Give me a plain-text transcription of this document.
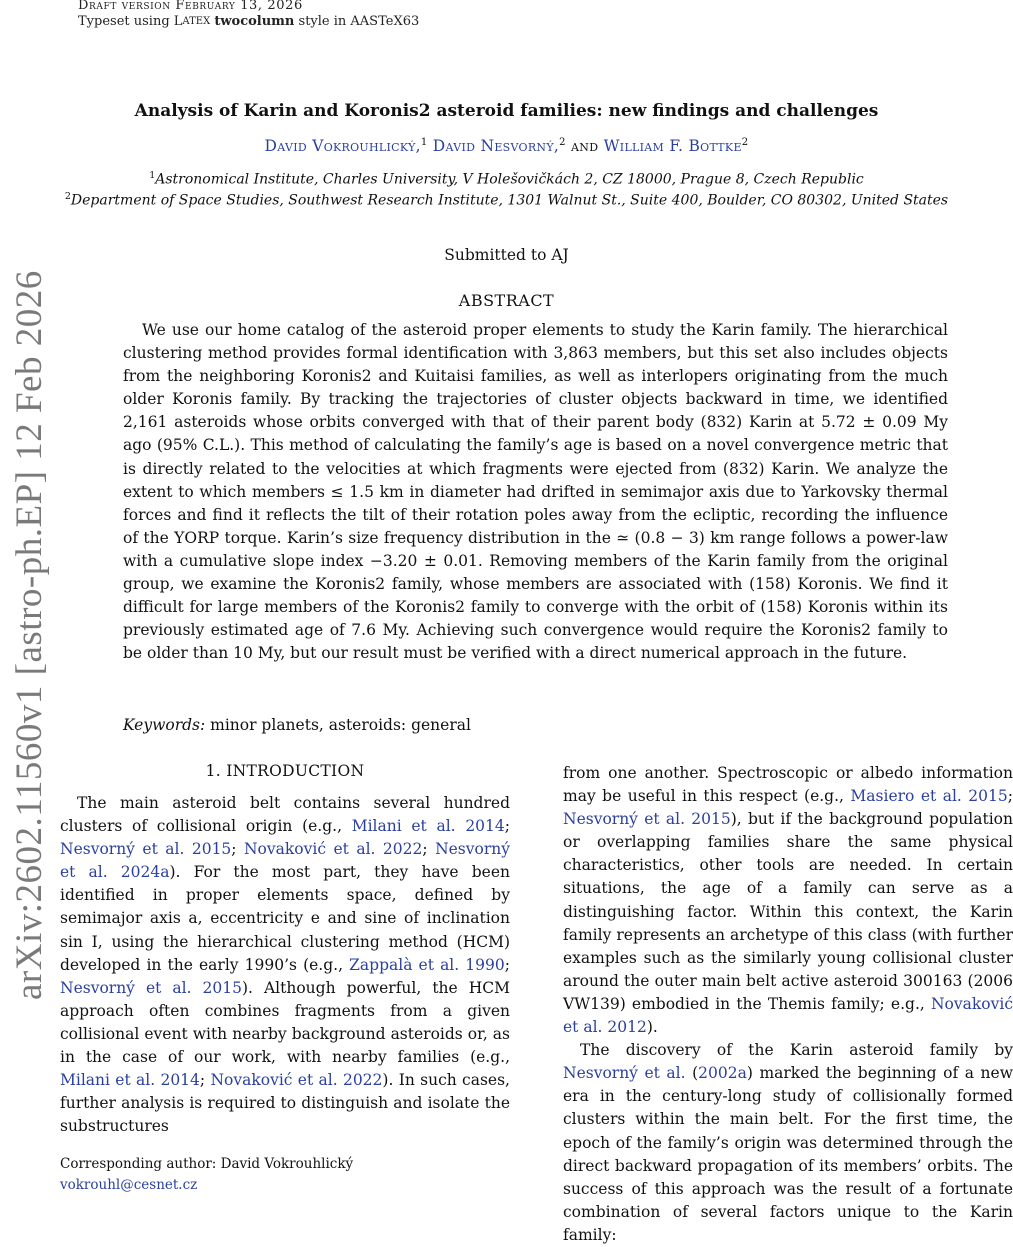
Draft version February 13, 2026
Typeset using LATEX twocolumn style in AASTeX63
arXiv:2602.11560v1 [astro-ph.EP] 12 Feb 2026
Analysis of Karin and Koronis2 asteroid families: new findings and challenges
David Vokrouhlický,$^1$ David Nesvorný,$^2$ and William F. Bottke$^2$
$^1$Astronomical Institute, Charles University, V Holešovičkách 2, CZ 18000, Prague 8, Czech Republic
$^2$Department of Space Studies, Southwest Research Institute, 1301 Walnut St., Suite 400, Boulder, CO 80302, United States
Submitted to AJ
ABSTRACT
We use our home catalog of the asteroid proper elements to study the Karin family. The hierarchical clustering method provides formal identification with 3,863 members, but this set also includes objects from the neighboring Koronis2 and Kuitaisi families, as well as interlopers originating from the much older Koronis family. By tracking the trajectories of cluster objects backward in time, we identified 2,161 asteroids whose orbits converged with that of their parent body (832) Karin at 5.72 ± 0.09 My ago (95% C.L.). This method of calculating the family’s age is based on a novel convergence metric that is directly related to the velocities at which fragments were ejected from (832) Karin. We analyze the extent to which members ≤ 1.5 km in diameter had drifted in semimajor axis due to Yarkovsky thermal forces and find it reflects the tilt of their rotation poles away from the ecliptic, recording the influence of the YORP torque. Karin’s size frequency distribution in the ≃ (0.8 − 3) km range follows a power-law with a cumulative slope index −3.20 ± 0.01. Removing members of the Karin family from the original group, we examine the Koronis2 family, whose members are associated with (158) Koronis. We find it difficult for large members of the Koronis2 family to converge with the orbit of (158) Koronis within its previously estimated age of 7.6 My. Achieving such convergence would require the Koronis2 family to be older than 10 My, but our result must be verified with a direct numerical approach in the future.
Keywords: minor planets, asteroids: general
1. INTRODUCTION
The main asteroid belt contains several hundred clusters of collisional origin (e.g., Milani et al. 2014; Nesvorný et al. 2015; Novaković et al. 2022; Nesvorný et al. 2024a). For the most part, they have been identified in proper elements space, defined by semimajor axis a, eccentricity e and sine of inclination sin I, using the hierarchical clustering method (HCM) developed in the early 1990’s (e.g., Zappalà et al. 1990; Nesvorný et al. 2015). Although powerful, the HCM approach often combines fragments from a given collisional event with nearby background asteroids or, as in the case of our work, with nearby families (e.g., Milani et al. 2014; Novaković et al. 2022). In such cases, further analysis is required to distinguish and isolate the substructures

from one another. Spectroscopic or albedo information may be useful in this respect (e.g., Masiero et al. 2015; Nesvorný et al. 2015), but if the background population or overlapping families share the same physical characteristics, other tools are needed. In certain situations, the age of a family can serve as a distinguishing factor. Within this context, the Karin family represents an archetype of this class (with further examples such as the similarly young collisional cluster around the outer main belt active asteroid 300163 (2006 VW139) embodied in the Themis family; e.g., Novaković et al. 2012).

The discovery of the Karin asteroid family by Nesvorný et al. (2002a) marked the beginning of a new era in the century-long study of collisionally formed clusters within the main belt. For the first time, the epoch of the family’s origin was determined through the direct backward propagation of its members’ orbits. The success of this approach was the result of a fortunate combination of several factors unique to the Karin family:

Corresponding author: David Vokrouhlický
vokrouhl@cesnet.cz
